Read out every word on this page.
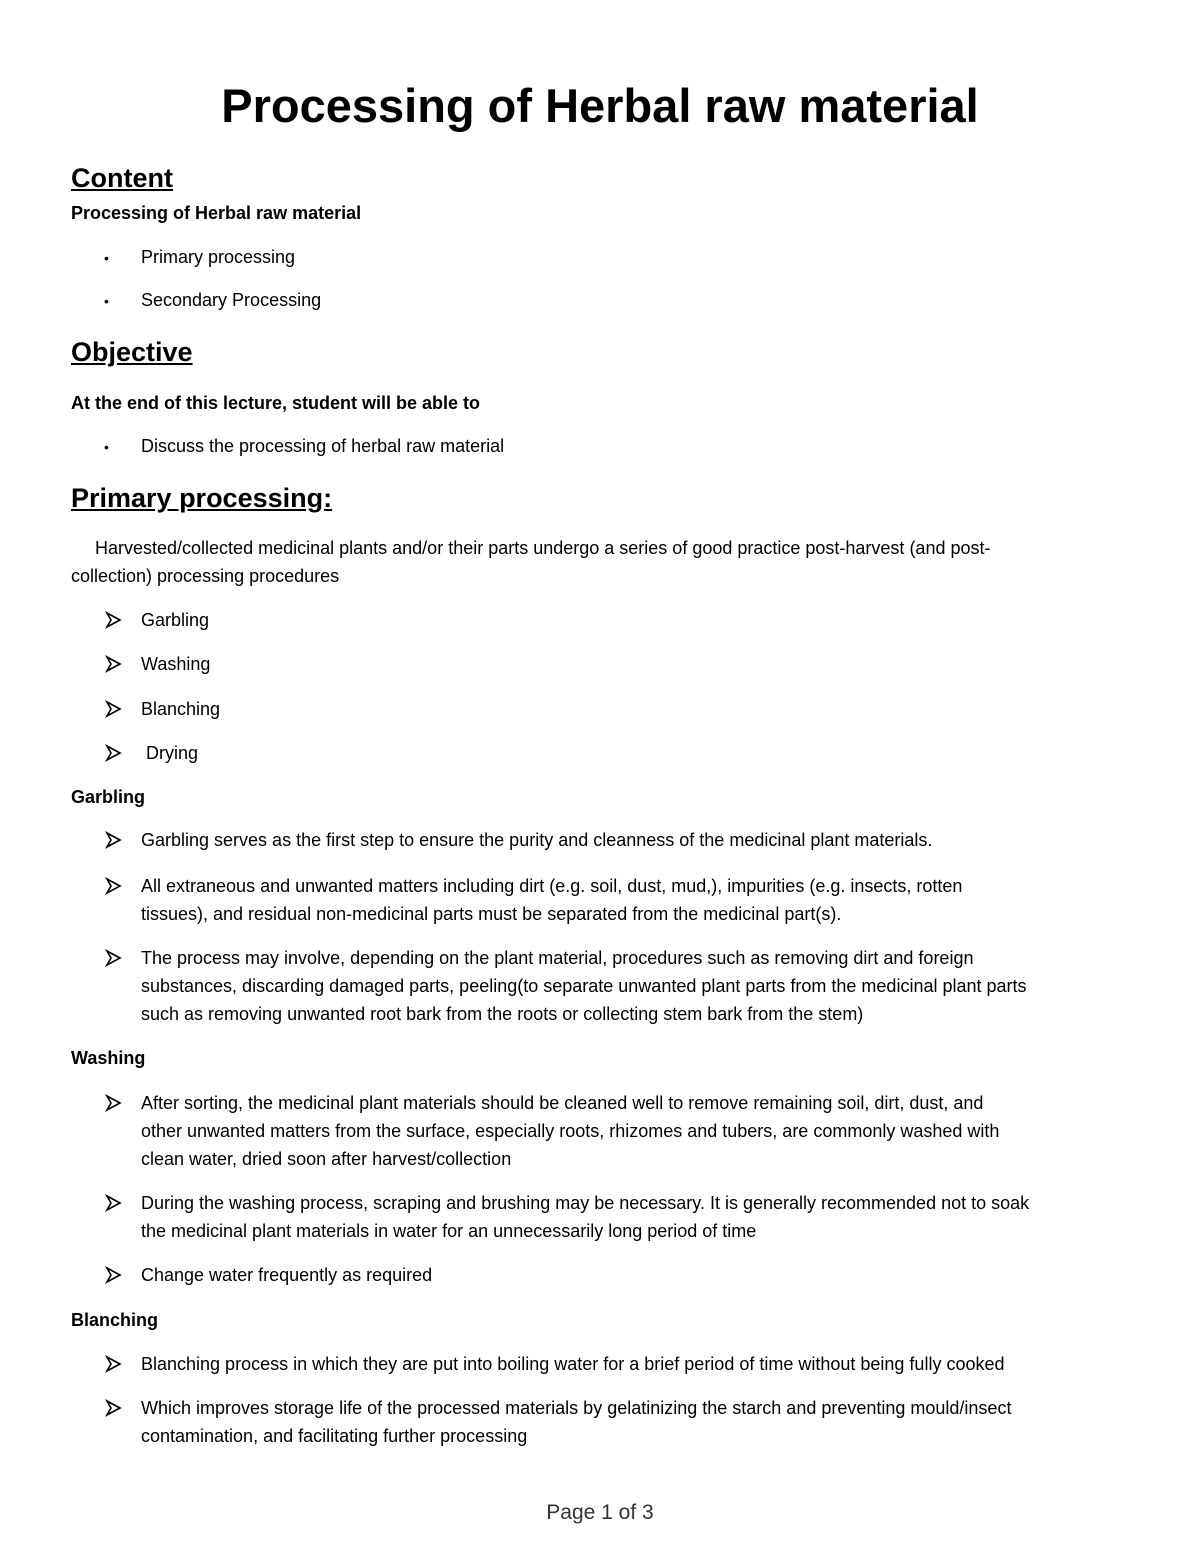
Processing of Herbal raw material
Content
Processing of Herbal raw material
• Primary processing
• Secondary Processing
Objective
At the end of this lecture, student will be able to
• Discuss the processing of herbal raw material
Primary processing:
Harvested/collected medicinal plants and/or their parts undergo a series of good practice post-harvest (and post-
collection) processing procedures
Garbling
Washing
Blanching
Drying
Garbling
Garbling serves as the first step to ensure the purity and cleanness of the medicinal plant materials.
All extraneous and unwanted matters including dirt (e.g. soil, dust, mud,), impurities (e.g. insects, rotten
tissues), and residual non-medicinal parts must be separated from the medicinal part(s).
The process may involve, depending on the plant material, procedures such as removing dirt and foreign
substances, discarding damaged parts, peeling(to separate unwanted plant parts from the medicinal plant parts
such as removing unwanted root bark from the roots or collecting stem bark from the stem)
Washing
After sorting, the medicinal plant materials should be cleaned well to remove remaining soil, dirt, dust, and
other unwanted matters from the surface, especially roots, rhizomes and tubers, are commonly washed with
clean water, dried soon after harvest/collection
During the washing process, scraping and brushing may be necessary. It is generally recommended not to soak
the medicinal plant materials in water for an unnecessarily long period of time
Change water frequently as required
Blanching
Blanching process in which they are put into boiling water for a brief period of time without being fully cooked
Which improves storage life of the processed materials by gelatinizing the starch and preventing mould/insect
contamination, and facilitating further processing
Page 1 of 3
